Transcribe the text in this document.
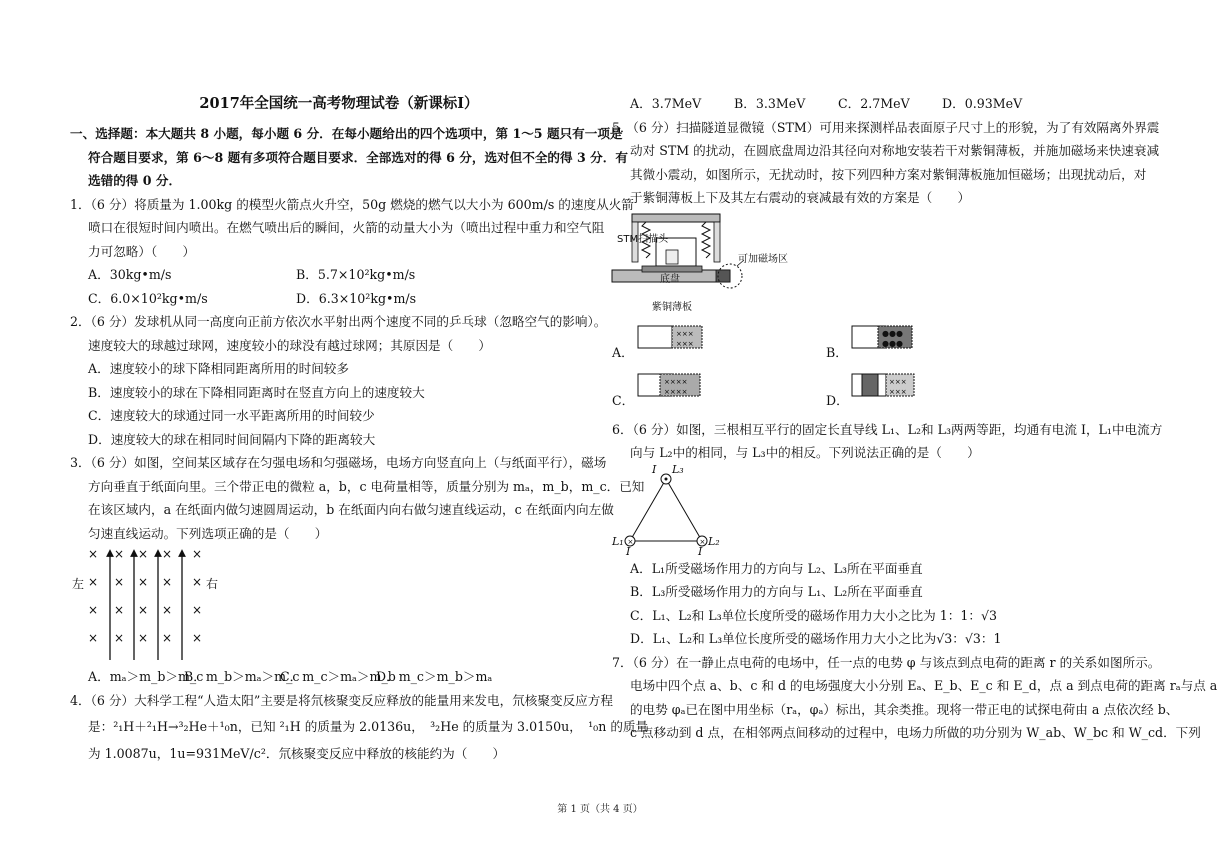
2017年全国统一高考物理试卷（新课标Ⅰ）
一、选择题：本大题共 8 小题，每小题 6 分．在每小题给出的四个选项中，第 1～5 题只有一项是
符合题目要求，第 6～8 题有多项符合题目要求．全部选对的得 6 分，选对但不全的得 3 分．有
选错的得 0 分．
1．（6 分）将质量为 1.00kg 的模型火箭点火升空，50g 燃烧的燃气以大小为 600m/s 的速度从火箭
喷口在很短时间内喷出。在燃气喷出后的瞬间，火箭的动量大小为（喷出过程中重力和空气阻
力可忽略）（　　）
A．30kg•m/s	B．5.7×10²kg•m/s
C．6.0×10²kg•m/s	D．6.3×10²kg•m/s
2．（6 分）发球机从同一高度向正前方依次水平射出两个速度不同的乒乓球（忽略空气的影响）。
速度较大的球越过球网，速度较小的球没有越过球网；其原因是（　　）
A．速度较小的球下降相同距离所用的时间较多
B．速度较小的球在下降相同距离时在竖直方向上的速度较大
C．速度较大的球通过同一水平距离所用的时间较少
D．速度较大的球在相同时间间隔内下降的距离较大
3．（6 分）如图，空间某区域存在匀强电场和匀强磁场，电场方向竖直向上（与纸面平行），磁场
方向垂直于纸面向里。三个带正电的微粒 a，b，c 电荷量相等，质量分别为 mₐ，m_b，m_c．已知
在该区域内，a 在纸面内做匀速圆周运动，b 在纸面内向右做匀速直线运动，c 在纸面内向左做
匀速直线运动。下列选项正确的是（　　）
× × × × ×
左 × × × × × 右
× × × × ×
× × × × ×
A．mₐ＞m_b＞m_c
B．m_b＞mₐ＞m_c
C．m_c＞mₐ＞m_b
D．m_c＞m_b＞mₐ
4．（6 分）大科学工程“人造太阳”主要是将氘核聚变反应释放的能量用来发电，氘核聚变反应方程
是：²₁H＋²₁H→³₂He＋¹₀n，已知 ²₁H 的质量为 2.0136u，　³₂He 的质量为 3.0150u，　¹₀n 的质量
为 1.0087u，1u=931MeV/c²．氘核聚变反应中释放的核能约为（　　）
A．3.7MeV	B．3.3MeV	C．2.7MeV	D．0.93MeV
5．（6 分）扫描隧道显微镜（STM）可用来探测样品表面原子尺寸上的形貌，为了有效隔离外界震
动对 STM 的扰动，在圆底盘周边沿其径向对称地安装若干对紫铜薄板，并施加磁场来快速衰减
其微小震动，如图所示，无扰动时，按下列四种方案对紫铜薄板施加恒磁场；出现扰动后，对
于紫铜薄板上下及其左右震动的衰减最有效的方案是（　　）
STM扫描头
底盘
可加磁场区
紫铜薄板
×××
×××
A．
●●●
●●●
B．
××××
××××
C．
×××
×××
D．
6．（6 分）如图，三根相互平行的固定长直导线 L₁、L₂和 L₃两两等距，均通有电流 I，L₁中电流方
向与 L₂中的相同，与 L₃中的相反。下列说法正确的是（　　）
×	×
I L₃
L₁
I
L₂
I
A．L₁所受磁场作用力的方向与 L₂、L₃所在平面垂直
B．L₃所受磁场作用力的方向与 L₁、L₂所在平面垂直
C．L₁、L₂和 L₃单位长度所受的磁场作用力大小之比为 1：1：√3
D．L₁、L₂和 L₃单位长度所受的磁场作用力大小之比为√3：√3：1
7．（6 分）在一静止点电荷的电场中，任一点的电势 φ 与该点到点电荷的距离 r 的关系如图所示。
电场中四个点 a、b、c 和 d 的电场强度大小分别 Eₐ、E_b、E_c 和 E_d，点 a 到点电荷的距离 rₐ与点 a
的电势 φₐ已在图中用坐标（rₐ，φₐ）标出，其余类推。现将一带正电的试探电荷由 a 点依次经 b、
c 点移动到 d 点，在相邻两点间移动的过程中，电场力所做的功分别为 W_ab、W_bc 和 W_cd．下列
第 1 页（共 4 页）
